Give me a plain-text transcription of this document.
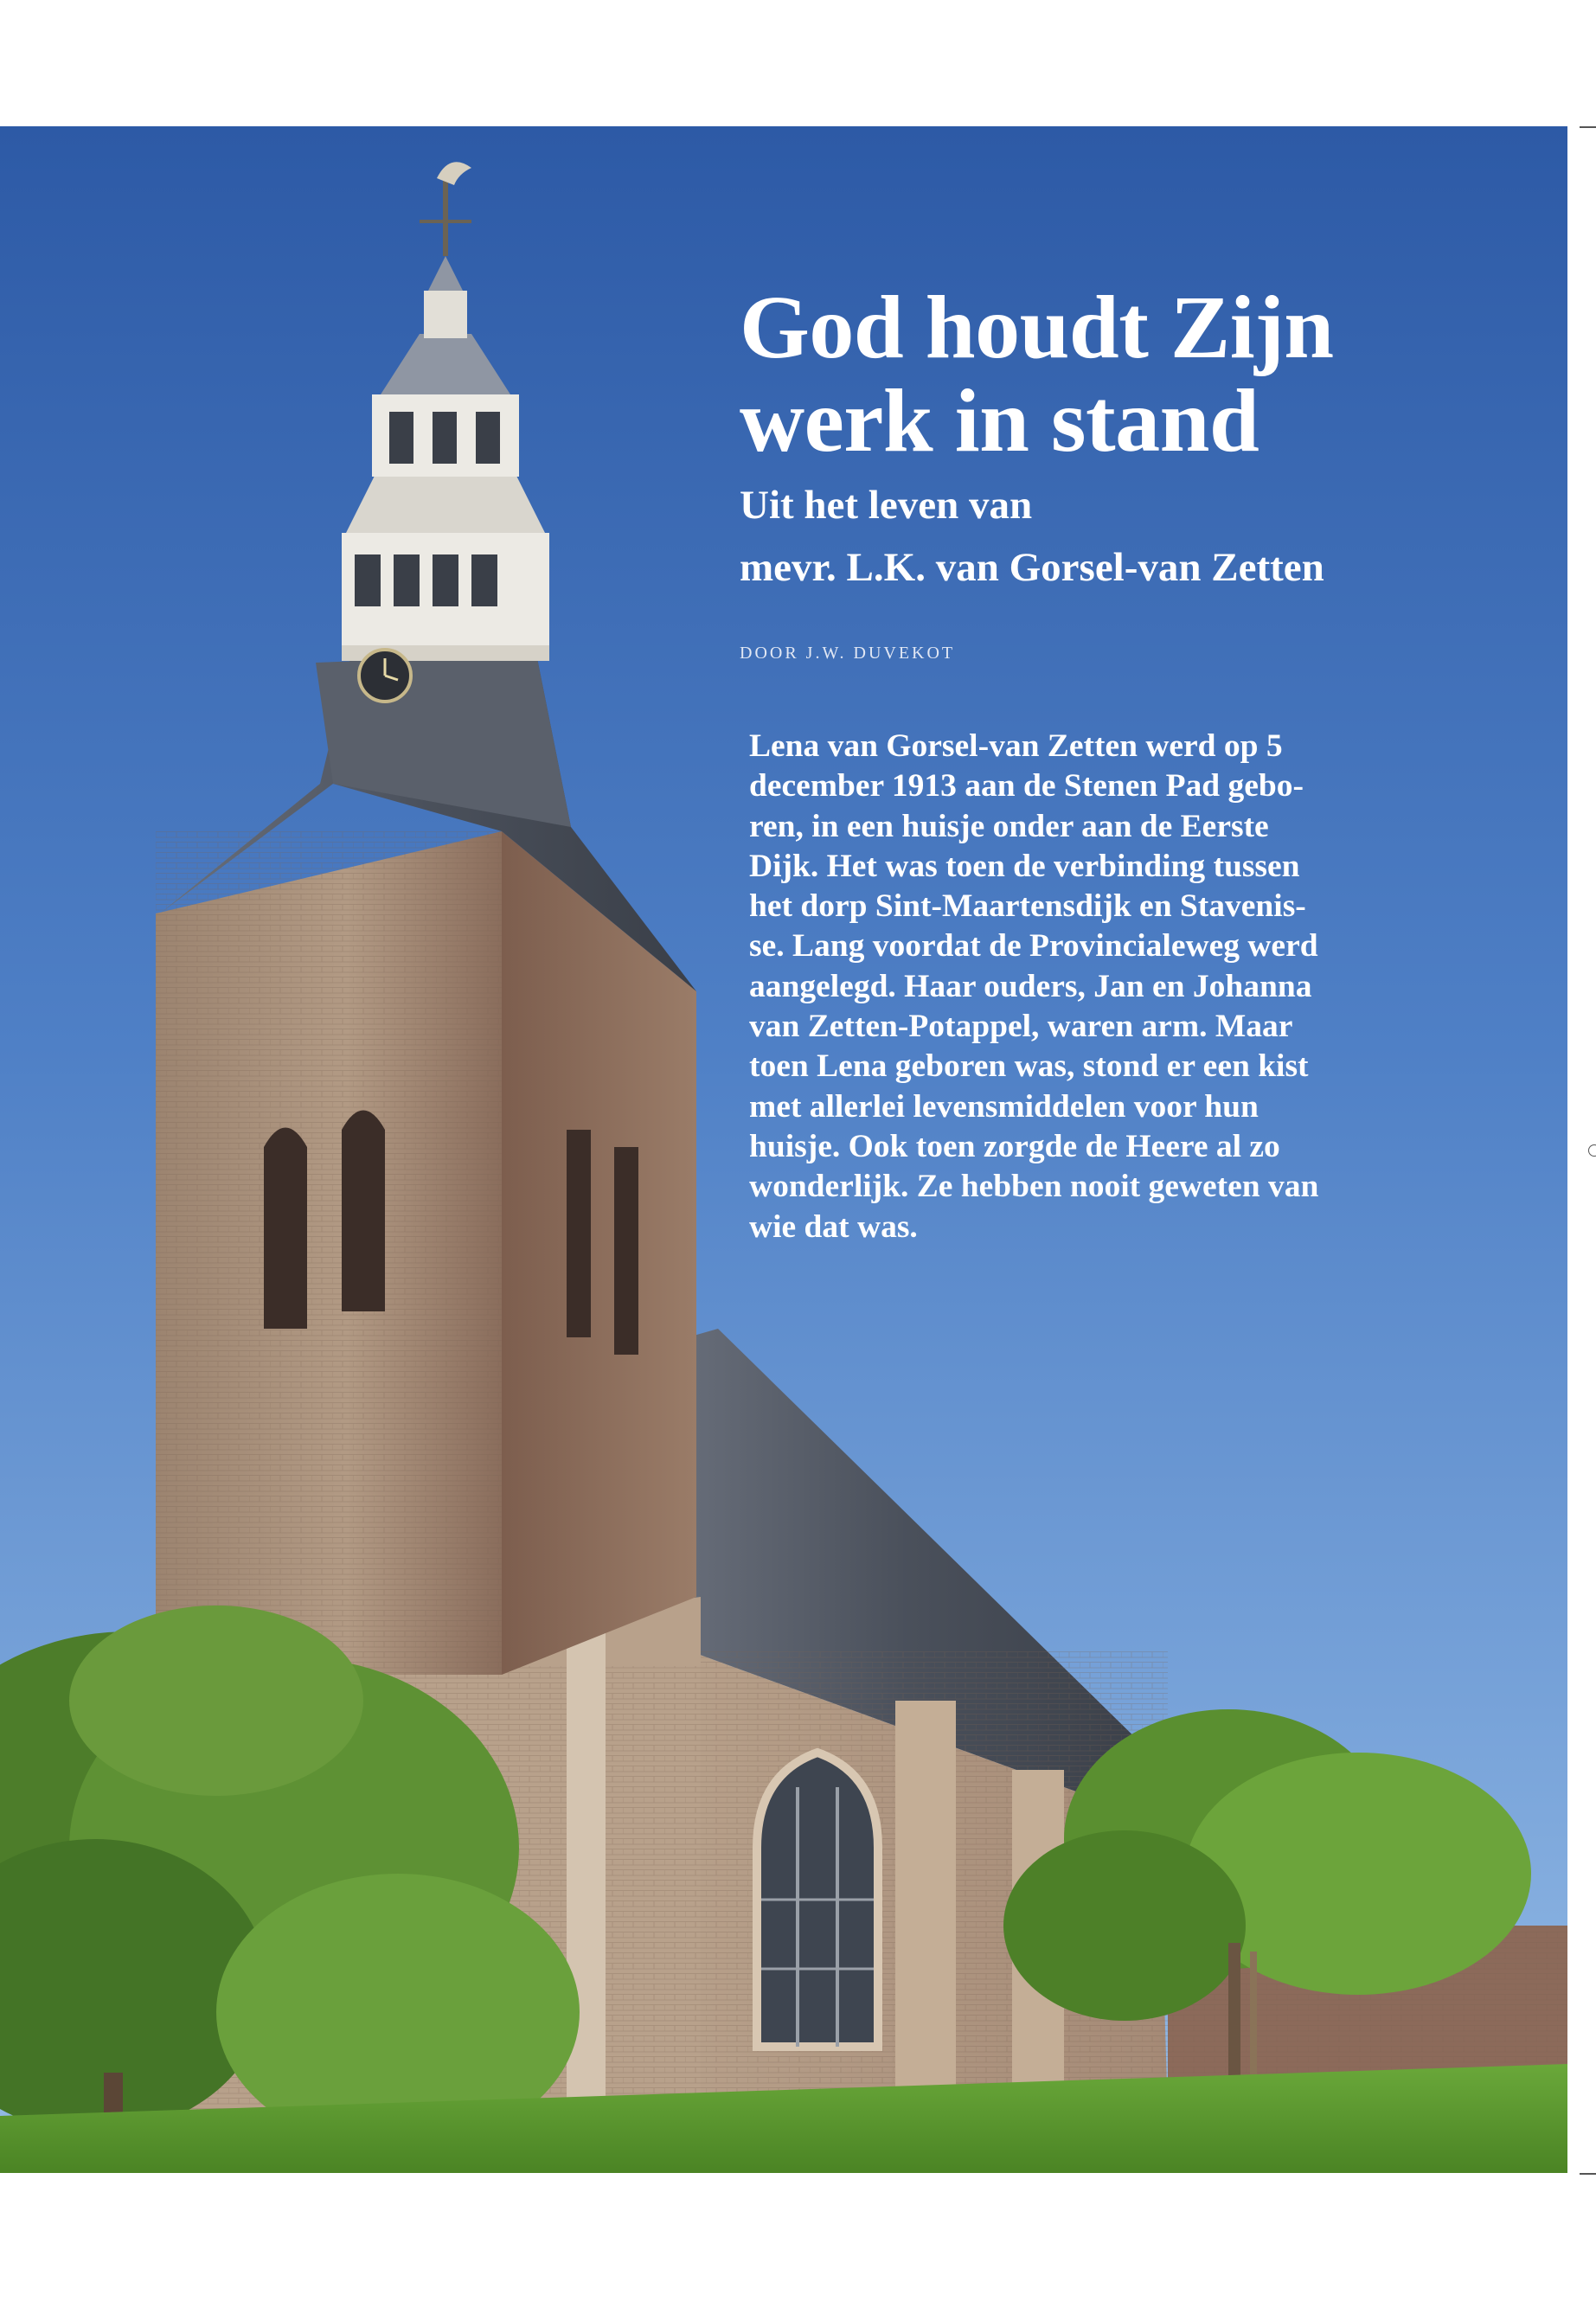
God houdt Zijn
werk in stand
Uit het leven van
mevr. L.K. van Gorsel-van Zetten
DOOR J.W. DUVEKOT

Lena van Gorsel-van Zetten werd op 5
december 1913 aan de Stenen Pad gebo-
ren, in een huisje onder aan de Eerste
Dijk. Het was toen de verbinding tussen
het dorp Sint-Maartensdijk en Stavenis-
se. Lang voordat de Provincialeweg werd
aangelegd. Haar ouders, Jan en Johanna
van Zetten-Potappel, waren arm. Maar
toen Lena geboren was, stond er een kist
met allerlei levensmiddelen voor hun
huisje. Ook toen zorgde de Heere al zo
wonderlijk. Ze hebben nooit geweten van
wie dat was.
